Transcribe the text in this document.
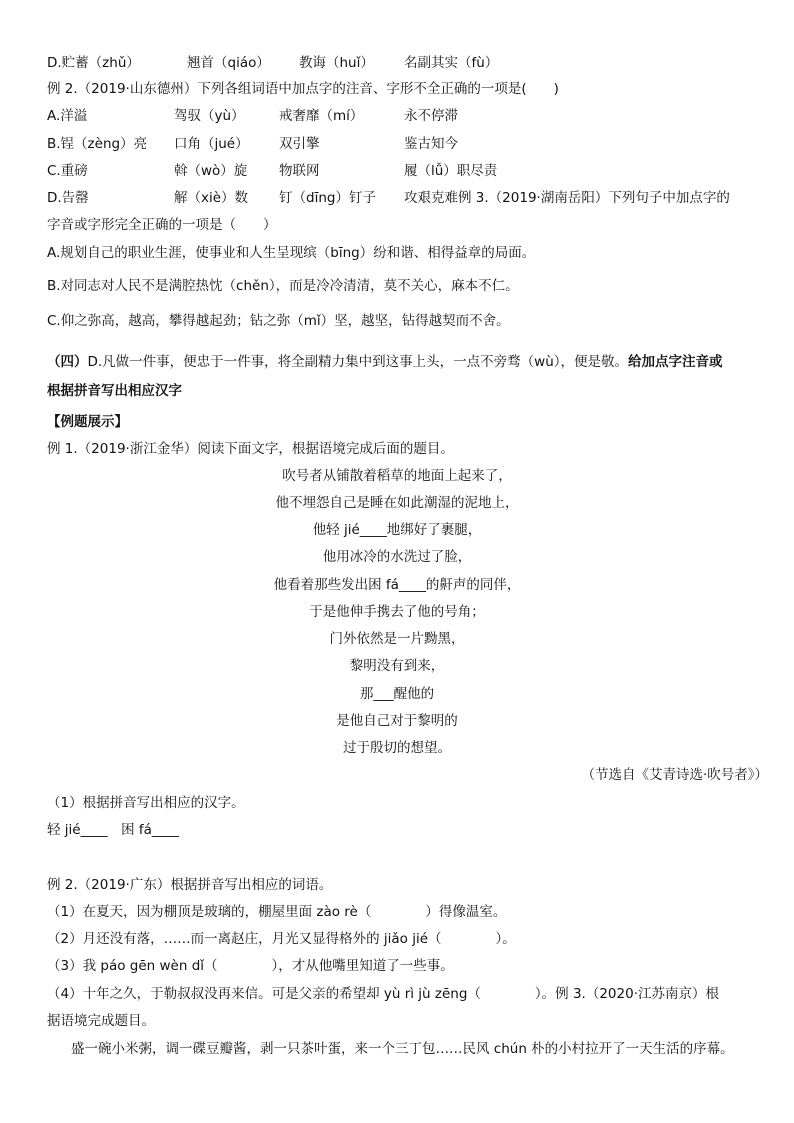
D.贮蓄（zhǔ）	翘首（qiáo） 教诲（huǐ） 名副其实（fù）
例 2.（2019·山东德州）下列各组词语中加点字的注音、字形不全正确的一项是(　　)
A.洋溢	驾驭（yù）	戒奢靡（mí）	永不停滞
B.锃（zèng）亮 口角（jué） 双引擎	鉴古知今
C.重磅	斡（wò）旋 物联网	履（lǚ）职尽责
D.告罄	解（xiè）数 钉（dīng）钉子 攻艰克难例 3.（2019·湖南岳阳）下列句子中加点字的
字音或字形完全正确的一项是（　　）
A.规划自己的职业生涯，使事业和人生呈现缤（bīng）纷和谐、相得益章的局面。
B.对同志对人民不是满腔热忱（chěn），而是冷冷清清，莫不关心，麻本不仁。
C.仰之弥高，越高，攀得越起劲；钻之弥（mǐ）坚，越坚，钻得越契而不舍。
（四）D.凡做一件事，便忠于一件事，将全副精力集中到这事上头，一点不旁骛（wù），便是敬。给加点字注音或
根据拼音写出相应汉字
【例题展示】
例 1.（2019·浙江金华）阅读下面文字，根据语境完成后面的题目。
吹号者从铺散着稻草的地面上起来了，
他不埋怨自己是睡在如此潮湿的泥地上，
他轻 jié____地绑好了裹腿，
他用冰冷的水洗过了脸，
他看着那些发出困 fá____的鼾声的同伴，
于是他伸手携去了他的号角；
门外依然是一片黝黑，
黎明没有到来，
那___醒他的
是他自己对于黎明的
过于殷切的想望。
（节选自《艾青诗选·吹号者》）
（1）根据拼音写出相应的汉字。
轻 jié____　困 fá____
例 2.（2019·广东）根据拼音写出相应的词语。
（1）在夏天，因为棚顶是玻璃的，棚屋里面 zào rè（　　　　）得像温室。
（2）月还没有落，……而一离赵庄，月光又显得格外的 jiǎo jié（　　　　）。
（3）我 páo gēn wèn dǐ（　　　　），才从他嘴里知道了一些事。
（4）十年之久，于勒叔叔没再来信。可是父亲的希望却 yù rì jù zēng（　　　　）。例 3.（2020·江苏南京）根
据语境完成题目。
盛一碗小米粥，调一碟豆瓣酱，剥一只茶叶蛋，来一个三丁包……民风 chún 朴的小村拉开了一天生活的序幕。
